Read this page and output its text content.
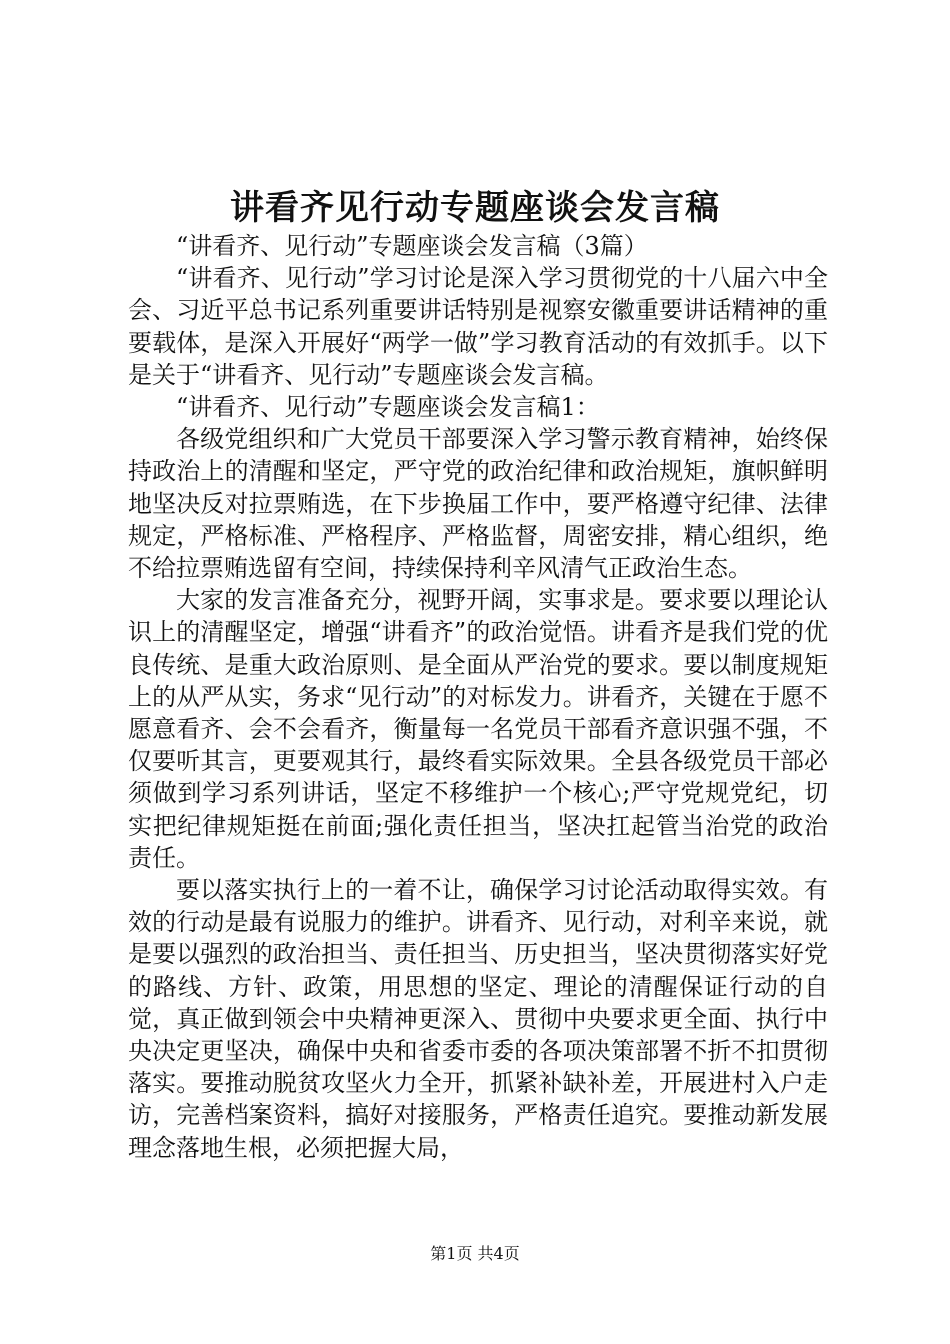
讲看齐见行动专题座谈会发言稿

“讲看齐、见行动”专题座谈会发言稿（3篇）

“讲看齐、见行动”学习讨论是深入学习贯彻党的十八届六中全会、习近平总书记系列重要讲话特别是视察安徽重要讲话精神的重要载体，是深入开展好“两学一做”学习教育活动的有效抓手。以下是关于“讲看齐、见行动”专题座谈会发言稿。

“讲看齐、见行动”专题座谈会发言稿1：

各级党组织和广大党员干部要深入学习警示教育精神，始终保持政治上的清醒和坚定，严守党的政治纪律和政治规矩，旗帜鲜明地坚决反对拉票贿选，在下步换届工作中，要严格遵守纪律、法律规定，严格标准、严格程序、严格监督，周密安排，精心组织，绝不给拉票贿选留有空间，持续保持利辛风清气正政治生态。

大家的发言准备充分，视野开阔，实事求是。要求要以理论认识上的清醒坚定，增强“讲看齐”的政治觉悟。讲看齐是我们党的优良传统、是重大政治原则、是全面从严治党的要求。要以制度规矩上的从严从实，务求“见行动”的对标发力。讲看齐，关键在于愿不愿意看齐、会不会看齐，衡量每一名党员干部看齐意识强不强，不仅要听其言，更要观其行，最终看实际效果。全县各级党员干部必须做到学习系列讲话，坚定不移维护一个核心;严守党规党纪，切实把纪律规矩挺在前面;强化责任担当，坚决扛起管当治党的政治责任。

要以落实执行上的一着不让，确保学习讨论活动取得实效。有效的行动是最有说服力的维护。讲看齐、见行动，对利辛来说，就是要以强烈的政治担当、责任担当、历史担当，坚决贯彻落实好党的路线、方针、政策，用思想的坚定、理论的清醒保证行动的自觉，真正做到领会中央精神更深入、贯彻中央要求更全面、执行中央决定更坚决，确保中央和省委市委的各项决策部署不折不扣贯彻落实。要推动脱贫攻坚火力全开，抓紧补缺补差，开展进村入户走访，完善档案资料，搞好对接服务，严格责任追究。要推动新发展理念落地生根，必须把握大局，

第1页 共4页
